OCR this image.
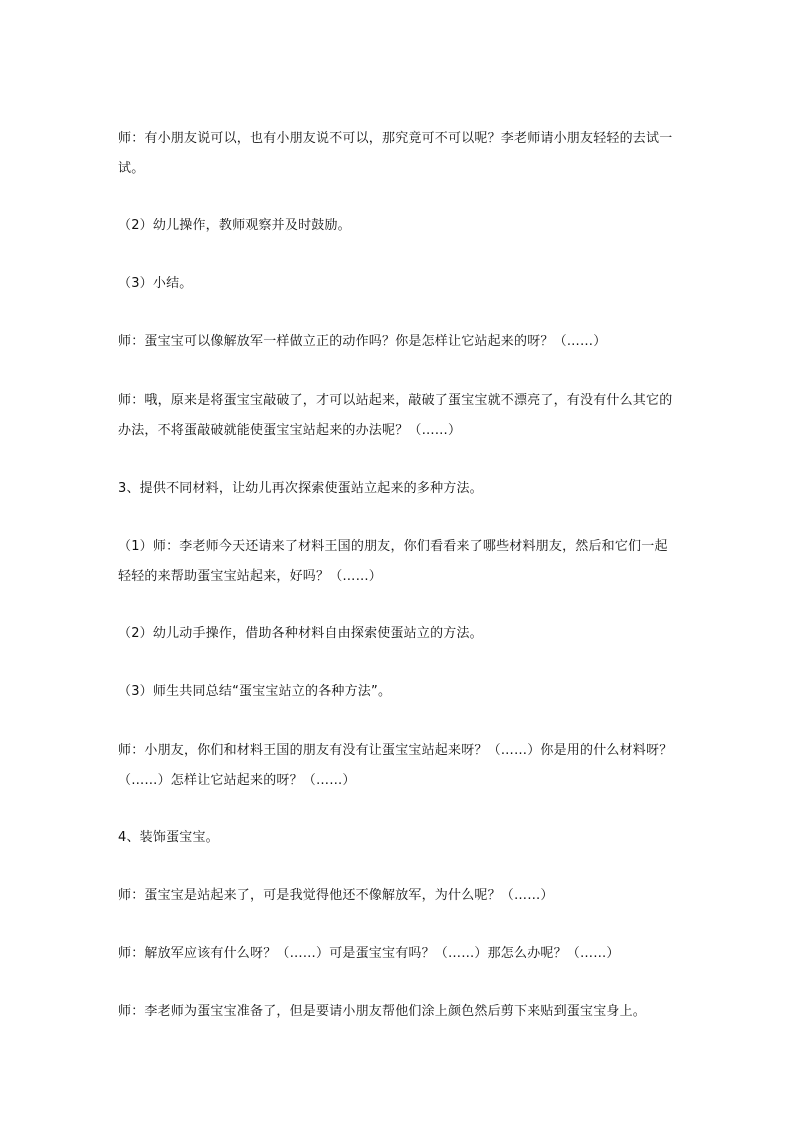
师：有小朋友说可以，也有小朋友说不可以，那究竟可不可以呢？李老师请小朋友轻轻的去试一
试。
（2）幼儿操作，教师观察并及时鼓励。
（3）小结。
师：蛋宝宝可以像解放军一样做立正的动作吗？你是怎样让它站起来的呀？（……）
师：哦，原来是将蛋宝宝敲破了，才可以站起来，敲破了蛋宝宝就不漂亮了，有没有什么其它的
办法，不将蛋敲破就能使蛋宝宝站起来的办法呢？（……）
3、提供不同材料，让幼儿再次探索使蛋站立起来的多种方法。
（1）师：李老师今天还请来了材料王国的朋友，你们看看来了哪些材料朋友，然后和它们一起
轻轻的来帮助蛋宝宝站起来，好吗？（……）
（2）幼儿动手操作，借助各种材料自由探索使蛋站立的方法。
（3）师生共同总结“蛋宝宝站立的各种方法”。
师：小朋友，你们和材料王国的朋友有没有让蛋宝宝站起来呀？（……）你是用的什么材料呀？
（……）怎样让它站起来的呀？（……）
4、装饰蛋宝宝。
师：蛋宝宝是站起来了，可是我觉得他还不像解放军，为什么呢？（……）
师：解放军应该有什么呀？（……）可是蛋宝宝有吗？（……）那怎么办呢？（……）
师：李老师为蛋宝宝准备了，但是要请小朋友帮他们涂上颜色然后剪下来贴到蛋宝宝身上。
